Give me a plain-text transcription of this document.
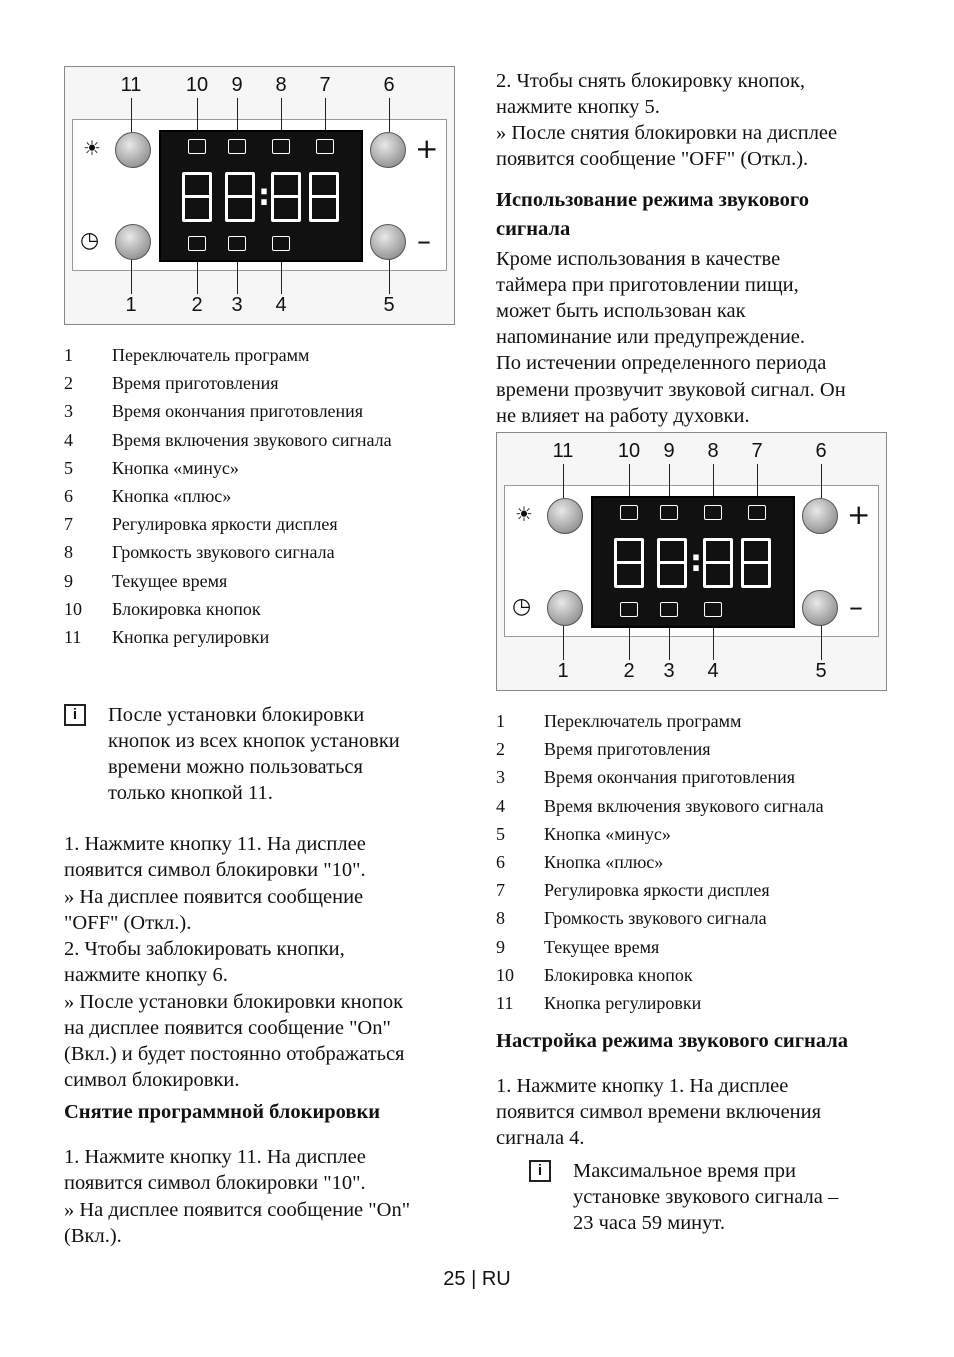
11 10	9	8	7	6
1	2	3	4	5
☀
◷
+
–
:
11 10	9	8	7	6
1	2	3	4	5
☀
◷
+
–
:
1	Переключатель программ
2	Время приготовления
3	Время окончания приготовления
4	Время включения звукового сигнала
5	Кнопка «минус»
6	Кнопка «плюс»
7	Регулировка яркости дисплея
8	Громкость звукового сигнала
9	Текущее время
10	Блокировка кнопок
11	Кнопка регулировки
1	Переключатель программ
2	Время приготовления
3	Время окончания приготовления
4	Время включения звукового сигнала
5	Кнопка «минус»
6	Кнопка «плюс»
7	Регулировка яркости дисплея
8	Громкость звукового сигнала
9	Текущее время
10	Блокировка кнопок
11	Кнопка регулировки
i	После установки блокировки
кнопок из всех кнопок установки
времени можно пользоваться
только кнопкой 11.
1. Нажмите кнопку 11. На дисплее
появится символ блокировки "10".
» На дисплее появится сообщение
"OFF" (Откл.).
2. Чтобы заблокировать кнопки,
нажмите кнопку 6.
» После установки блокировки кнопок
на дисплее появится сообщение "On"
(Вкл.) и будет постоянно отображаться
символ блокировки.
Снятие программной блокировки
1. Нажмите кнопку 11. На дисплее
появится символ блокировки "10".
» На дисплее появится сообщение "On"
(Вкл.).
2. Чтобы снять блокировку кнопок,
нажмите кнопку 5.
» После снятия блокировки на дисплее
появится сообщение "OFF" (Откл.).
Использование режима звукового
сигнала
Кроме использования в качестве
таймера при приготовлении пищи,
может быть использован как
напоминание или предупреждение.
По истечении определенного периода
времени прозвучит звуковой сигнал. Он
не влияет на работу духовки.
Настройка режима звукового сигнала
1. Нажмите кнопку 1. На дисплее
появится символ времени включения
сигнала 4.
i	Максимальное время при
установке звукового сигнала –
23 часа 59 минут.
25 | RU
